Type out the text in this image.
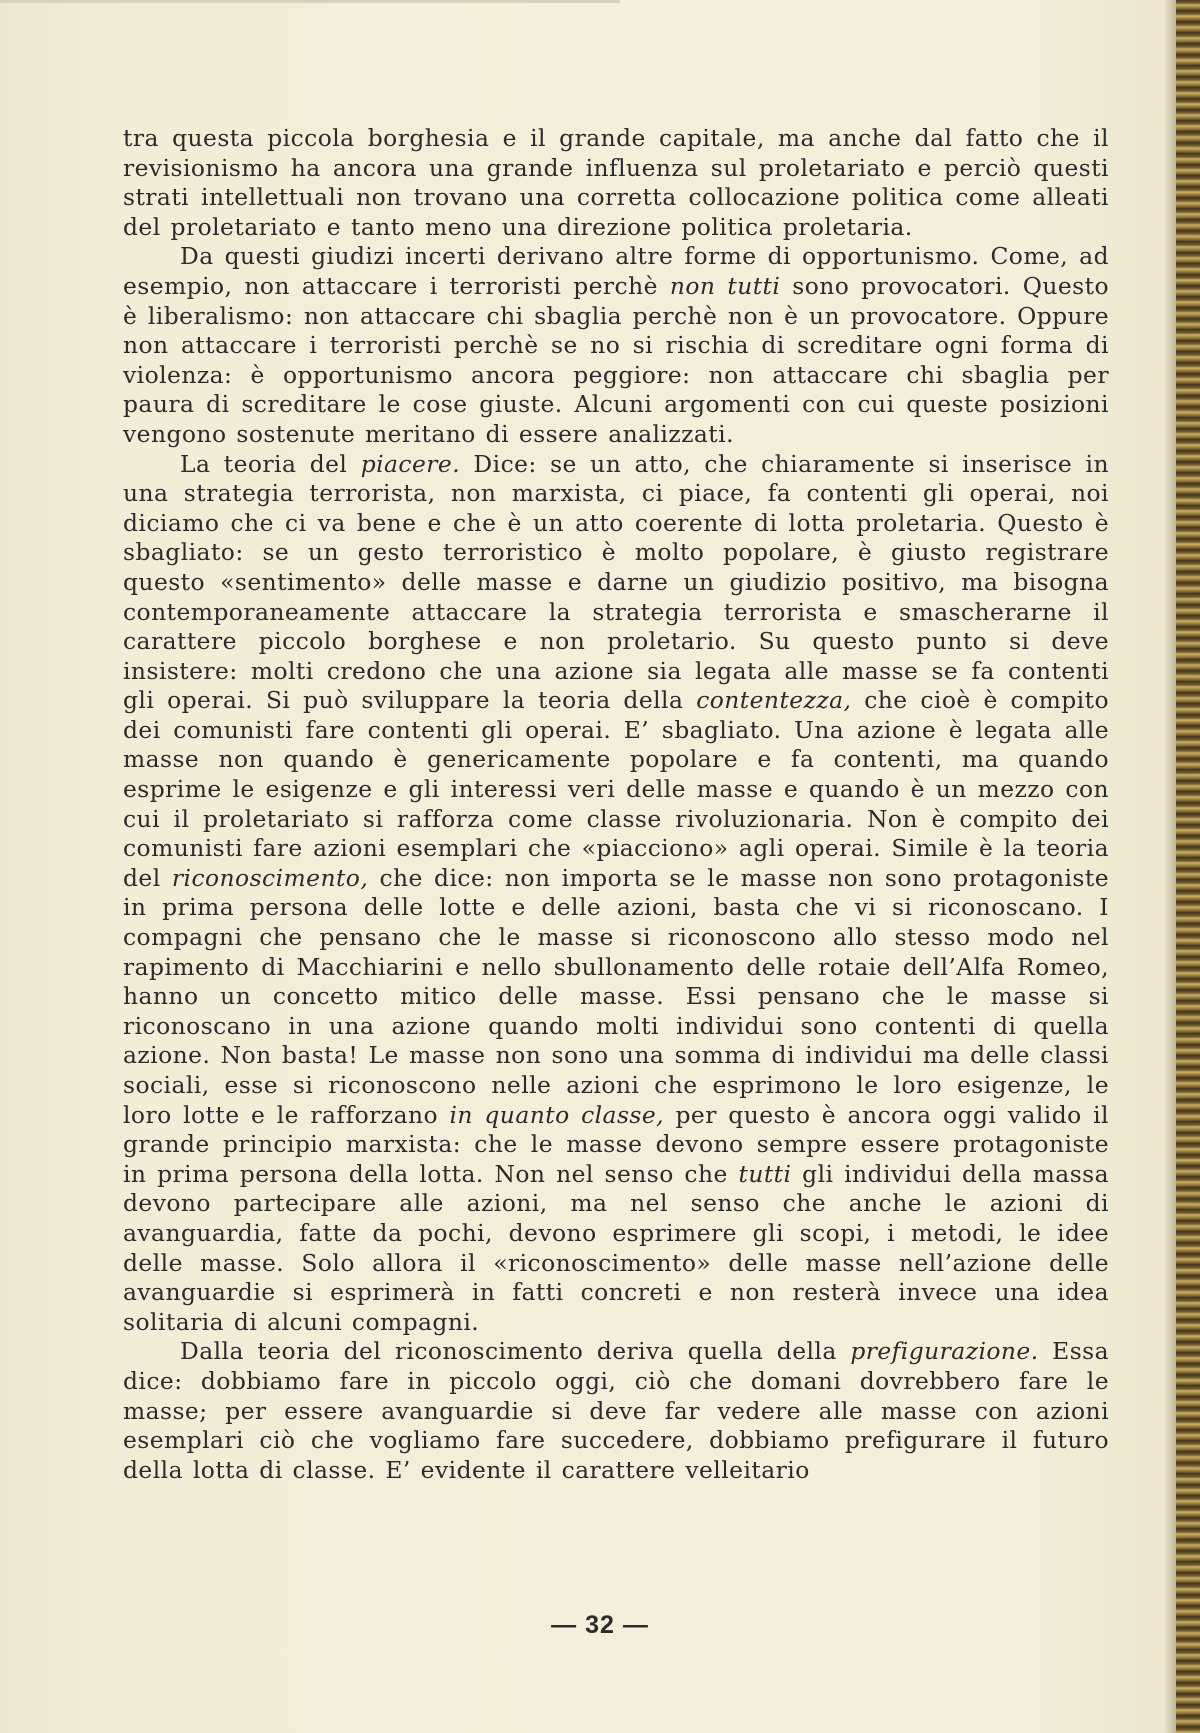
tra questa piccola borghesia e il grande capitale, ma anche dal fatto che il revisionismo ha ancora una grande influenza sul proletariato e perciò questi strati intellettuali non trovano una corretta collocazione politica come alleati del proletariato e tanto meno una direzione politica proletaria.

Da questi giudizi incerti derivano altre forme di opportunismo. Come, ad esempio, non attaccare i terroristi perchè non tutti sono provocatori. Questo è liberalismo: non attaccare chi sbaglia perchè non è un provocatore. Oppure non attaccare i terroristi perchè se no si rischia di screditare ogni forma di violenza: è opportunismo ancora peggiore: non attaccare chi sbaglia per paura di screditare le cose giuste. Alcuni argomenti con cui queste posizioni vengono sostenute meritano di essere analizzati.

La teoria del piacere. Dice: se un atto, che chiaramente si inserisce in una strategia terrorista, non marxista, ci piace, fa contenti gli operai, noi diciamo che ci va bene e che è un atto coerente di lotta proletaria. Questo è sbagliato: se un gesto terroristico è molto popolare, è giusto registrare questo «sentimento» delle masse e darne un giudizio positivo, ma bisogna contemporaneamente attaccare la strategia terrorista e smascherarne il carattere piccolo borghese e non proletario. Su questo punto si deve insistere: molti credono che una azione sia legata alle masse se fa contenti gli operai. Si può sviluppare la teoria della contentezza, che cioè è compito dei comunisti fare contenti gli operai. E’ sbagliato. Una azione è legata alle masse non quando è genericamente popolare e fa contenti, ma quando esprime le esigenze e gli interessi veri delle masse e quando è un mezzo con cui il proletariato si rafforza come classe rivoluzionaria. Non è compito dei comunisti fare azioni esemplari che «piacciono» agli operai. Simile è la teoria del riconoscimento, che dice: non importa se le masse non sono protagoniste in prima persona delle lotte e delle azioni, basta che vi si riconoscano. I compagni che pensano che le masse si riconoscono allo stesso modo nel rapimento di Macchiarini e nello sbullonamento delle rotaie dell’Alfa Romeo, hanno un concetto mitico delle masse. Essi pensano che le masse si riconoscano in una azione quando molti individui sono contenti di quella azione. Non basta! Le masse non sono una somma di individui ma delle classi sociali, esse si riconoscono nelle azioni che esprimono le loro esigenze, le loro lotte e le rafforzano in quanto classe, per questo è ancora oggi valido il grande principio marxista: che le masse devono sempre essere protagoniste in prima persona della lotta. Non nel senso che tutti gli individui della massa devono partecipare alle azioni, ma nel senso che anche le azioni di avanguardia, fatte da pochi, devono esprimere gli scopi, i metodi, le idee delle masse. Solo allora il «riconoscimento» delle masse nell’azione delle avanguardie si esprimerà in fatti concreti e non resterà invece una idea solitaria di alcuni compagni.

Dalla teoria del riconoscimento deriva quella della prefigurazione. Essa dice: dobbiamo fare in piccolo oggi, ciò che domani dovrebbero fare le masse; per essere avanguardie si deve far vedere alle masse con azioni esemplari ciò che vogliamo fare succedere, dobbiamo prefigurare il futuro della lotta di classe. E’ evidente il carattere velleitario

— 32 —
